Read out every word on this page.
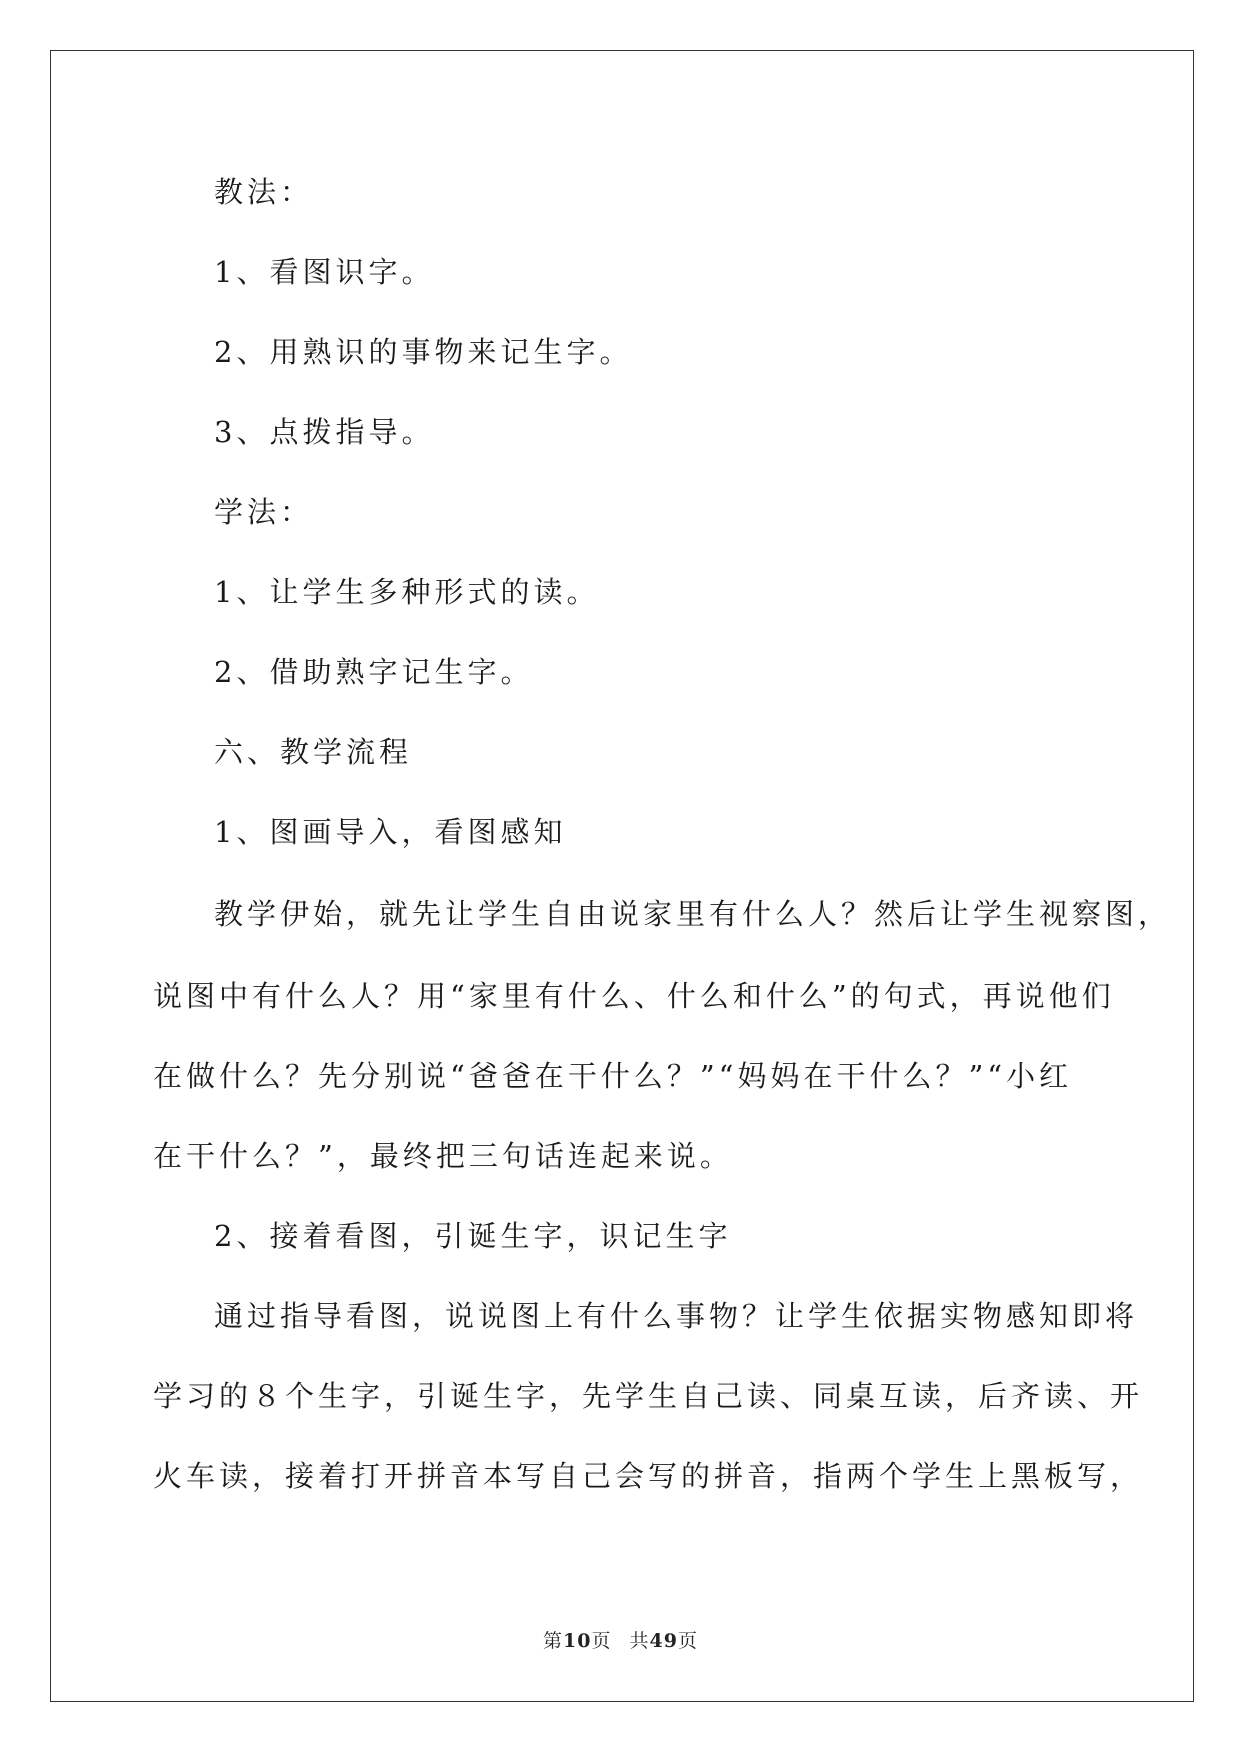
教法：
1、看图识字。
2、用熟识的事物来记生字。
3、点拨指导。
学法：
1、让学生多种形式的读。
2、借助熟字记生字。
六、教学流程
1、图画导入，看图感知
教学伊始，就先让学生自由说家里有什么人？然后让学生视察图，
说图中有什么人？用“家里有什么、什么和什么”的句式，再说他们
在做什么？先分别说“爸爸在干什么？”“妈妈在干什么？”“小红
在干什么？”，最终把三句话连起来说。
2、接着看图，引诞生字，识记生字
通过指导看图，说说图上有什么事物？让学生依据实物感知即将
学习的８个生字，引诞生字，先学生自己读、同桌互读，后齐读、开
火车读，接着打开拼音本写自己会写的拼音，指两个学生上黑板写，
第10页 共49页
